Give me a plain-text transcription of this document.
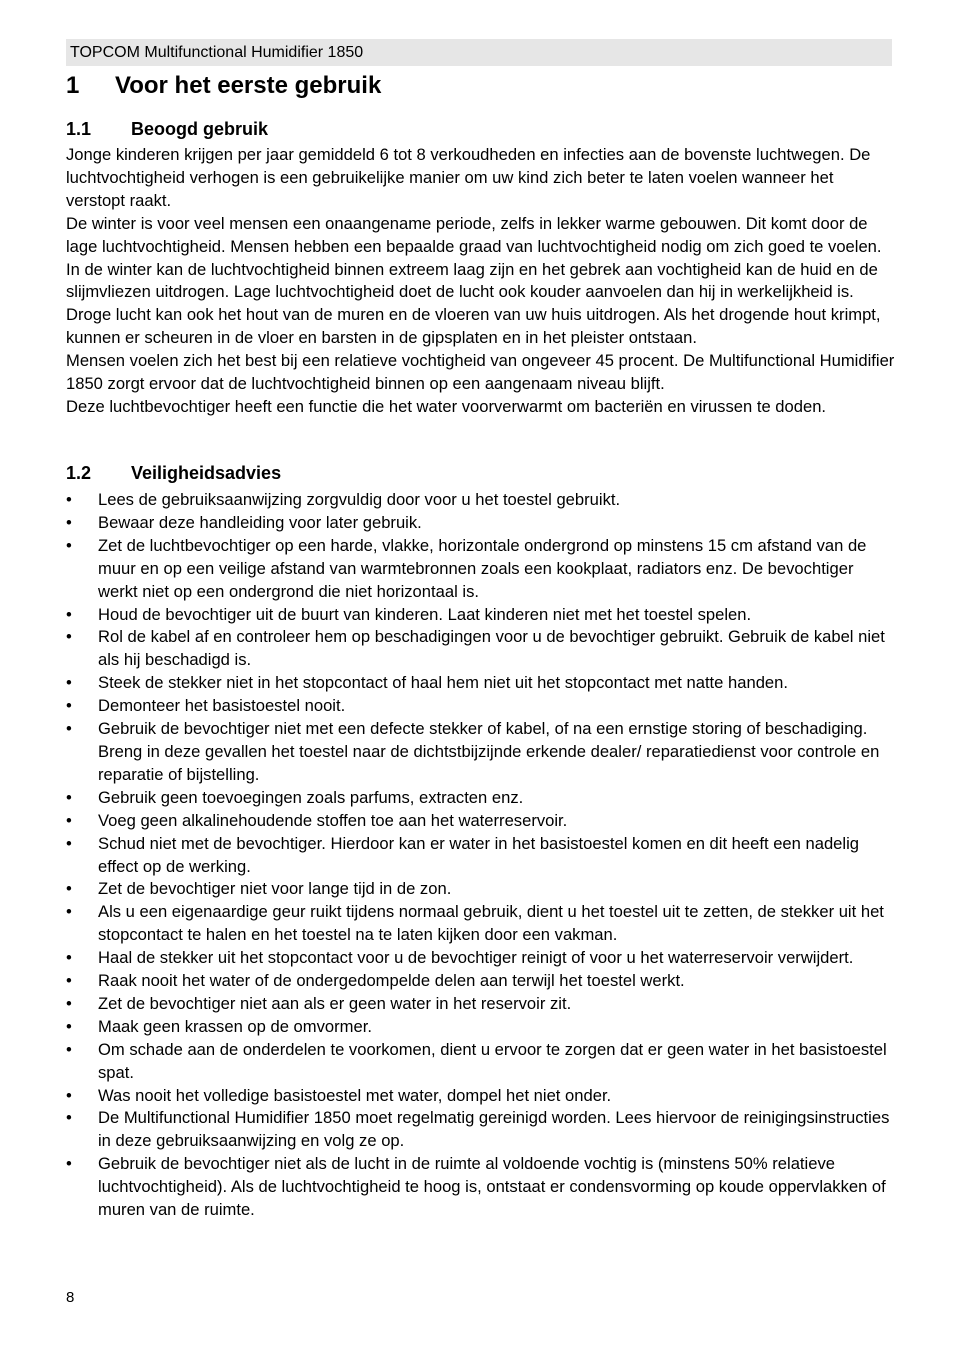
TOPCOM Multifunctional Humidifier 1850
1 Voor het eerste gebruik
1.1 Beoogd gebruik

Jonge kinderen krijgen per jaar gemiddeld 6 tot 8 verkoudheden en infecties aan de bovenste luchtwegen. De luchtvochtigheid verhogen is een gebruikelijke manier om uw kind zich beter te laten voelen wanneer het verstopt raakt.

De winter is voor veel mensen een onaangename periode, zelfs in lekker warme gebouwen. Dit komt door de lage luchtvochtigheid. Mensen hebben een bepaalde graad van luchtvochtigheid nodig om zich goed te voelen. In de winter kan de luchtvochtigheid binnen extreem laag zijn en het gebrek aan vochtigheid kan de huid en de slijmvliezen uitdrogen. Lage luchtvochtigheid doet de lucht ook kouder aanvoelen dan hij in werkelijkheid is. Droge lucht kan ook het hout van de muren en de vloeren van uw huis uitdrogen. Als het drogende hout krimpt, kunnen er scheuren in de vloer en barsten in de gipsplaten en in het pleister ontstaan.

Mensen voelen zich het best bij een relatieve vochtigheid van ongeveer 45 procent. De Multifunctional Humidifier 1850 zorgt ervoor dat de luchtvochtigheid binnen op een aangenaam niveau blijft.

Deze luchtbevochtiger heeft een functie die het water voorverwarmt om bacteriën en virussen te doden.

1.2 Veiligheidsadvies
• Lees de gebruiksaanwijzing zorgvuldig door voor u het toestel gebruikt.
• Bewaar deze handleiding voor later gebruik.
• Zet de luchtbevochtiger op een harde, vlakke, horizontale ondergrond op minstens 15 cm afstand van de muur en op een veilige afstand van warmtebronnen zoals een kookplaat, radiators enz. De bevochtiger werkt niet op een ondergrond die niet horizontaal is.
• Houd de bevochtiger uit de buurt van kinderen. Laat kinderen niet met het toestel spelen.
• Rol de kabel af en controleer hem op beschadigingen voor u de bevochtiger gebruikt. Gebruik de kabel niet als hij beschadigd is.
• Steek de stekker niet in het stopcontact of haal hem niet uit het stopcontact met natte handen.
• Demonteer het basistoestel nooit.
• Gebruik de bevochtiger niet met een defecte stekker of kabel, of na een ernstige storing of beschadiging. Breng in deze gevallen het toestel naar de dichtstbijzijnde erkende dealer/ reparatiedienst voor controle en reparatie of bijstelling.
• Gebruik geen toevoegingen zoals parfums, extracten enz.
• Voeg geen alkalinehoudende stoffen toe aan het waterreservoir.
• Schud niet met de bevochtiger. Hierdoor kan er water in het basistoestel komen en dit heeft een nadelig effect op de werking.
• Zet de bevochtiger niet voor lange tijd in de zon.
• Als u een eigenaardige geur ruikt tijdens normaal gebruik, dient u het toestel uit te zetten, de stekker uit het stopcontact te halen en het toestel na te laten kijken door een vakman.
• Haal de stekker uit het stopcontact voor u de bevochtiger reinigt of voor u het waterreservoir verwijdert.
• Raak nooit het water of de ondergedompelde delen aan terwijl het toestel werkt.
• Zet de bevochtiger niet aan als er geen water in het reservoir zit.
• Maak geen krassen op de omvormer.
• Om schade aan de onderdelen te voorkomen, dient u ervoor te zorgen dat er geen water in het basistoestel spat.
• Was nooit het volledige basistoestel met water, dompel het niet onder.
• De Multifunctional Humidifier 1850 moet regelmatig gereinigd worden. Lees hiervoor de reinigingsinstructies in deze gebruiksaanwijzing en volg ze op.
• Gebruik de bevochtiger niet als de lucht in de ruimte al voldoende vochtig is (minstens 50% relatieve luchtvochtigheid). Als de luchtvochtigheid te hoog is, ontstaat er condensvorming op koude oppervlakken of muren van de ruimte.
8
